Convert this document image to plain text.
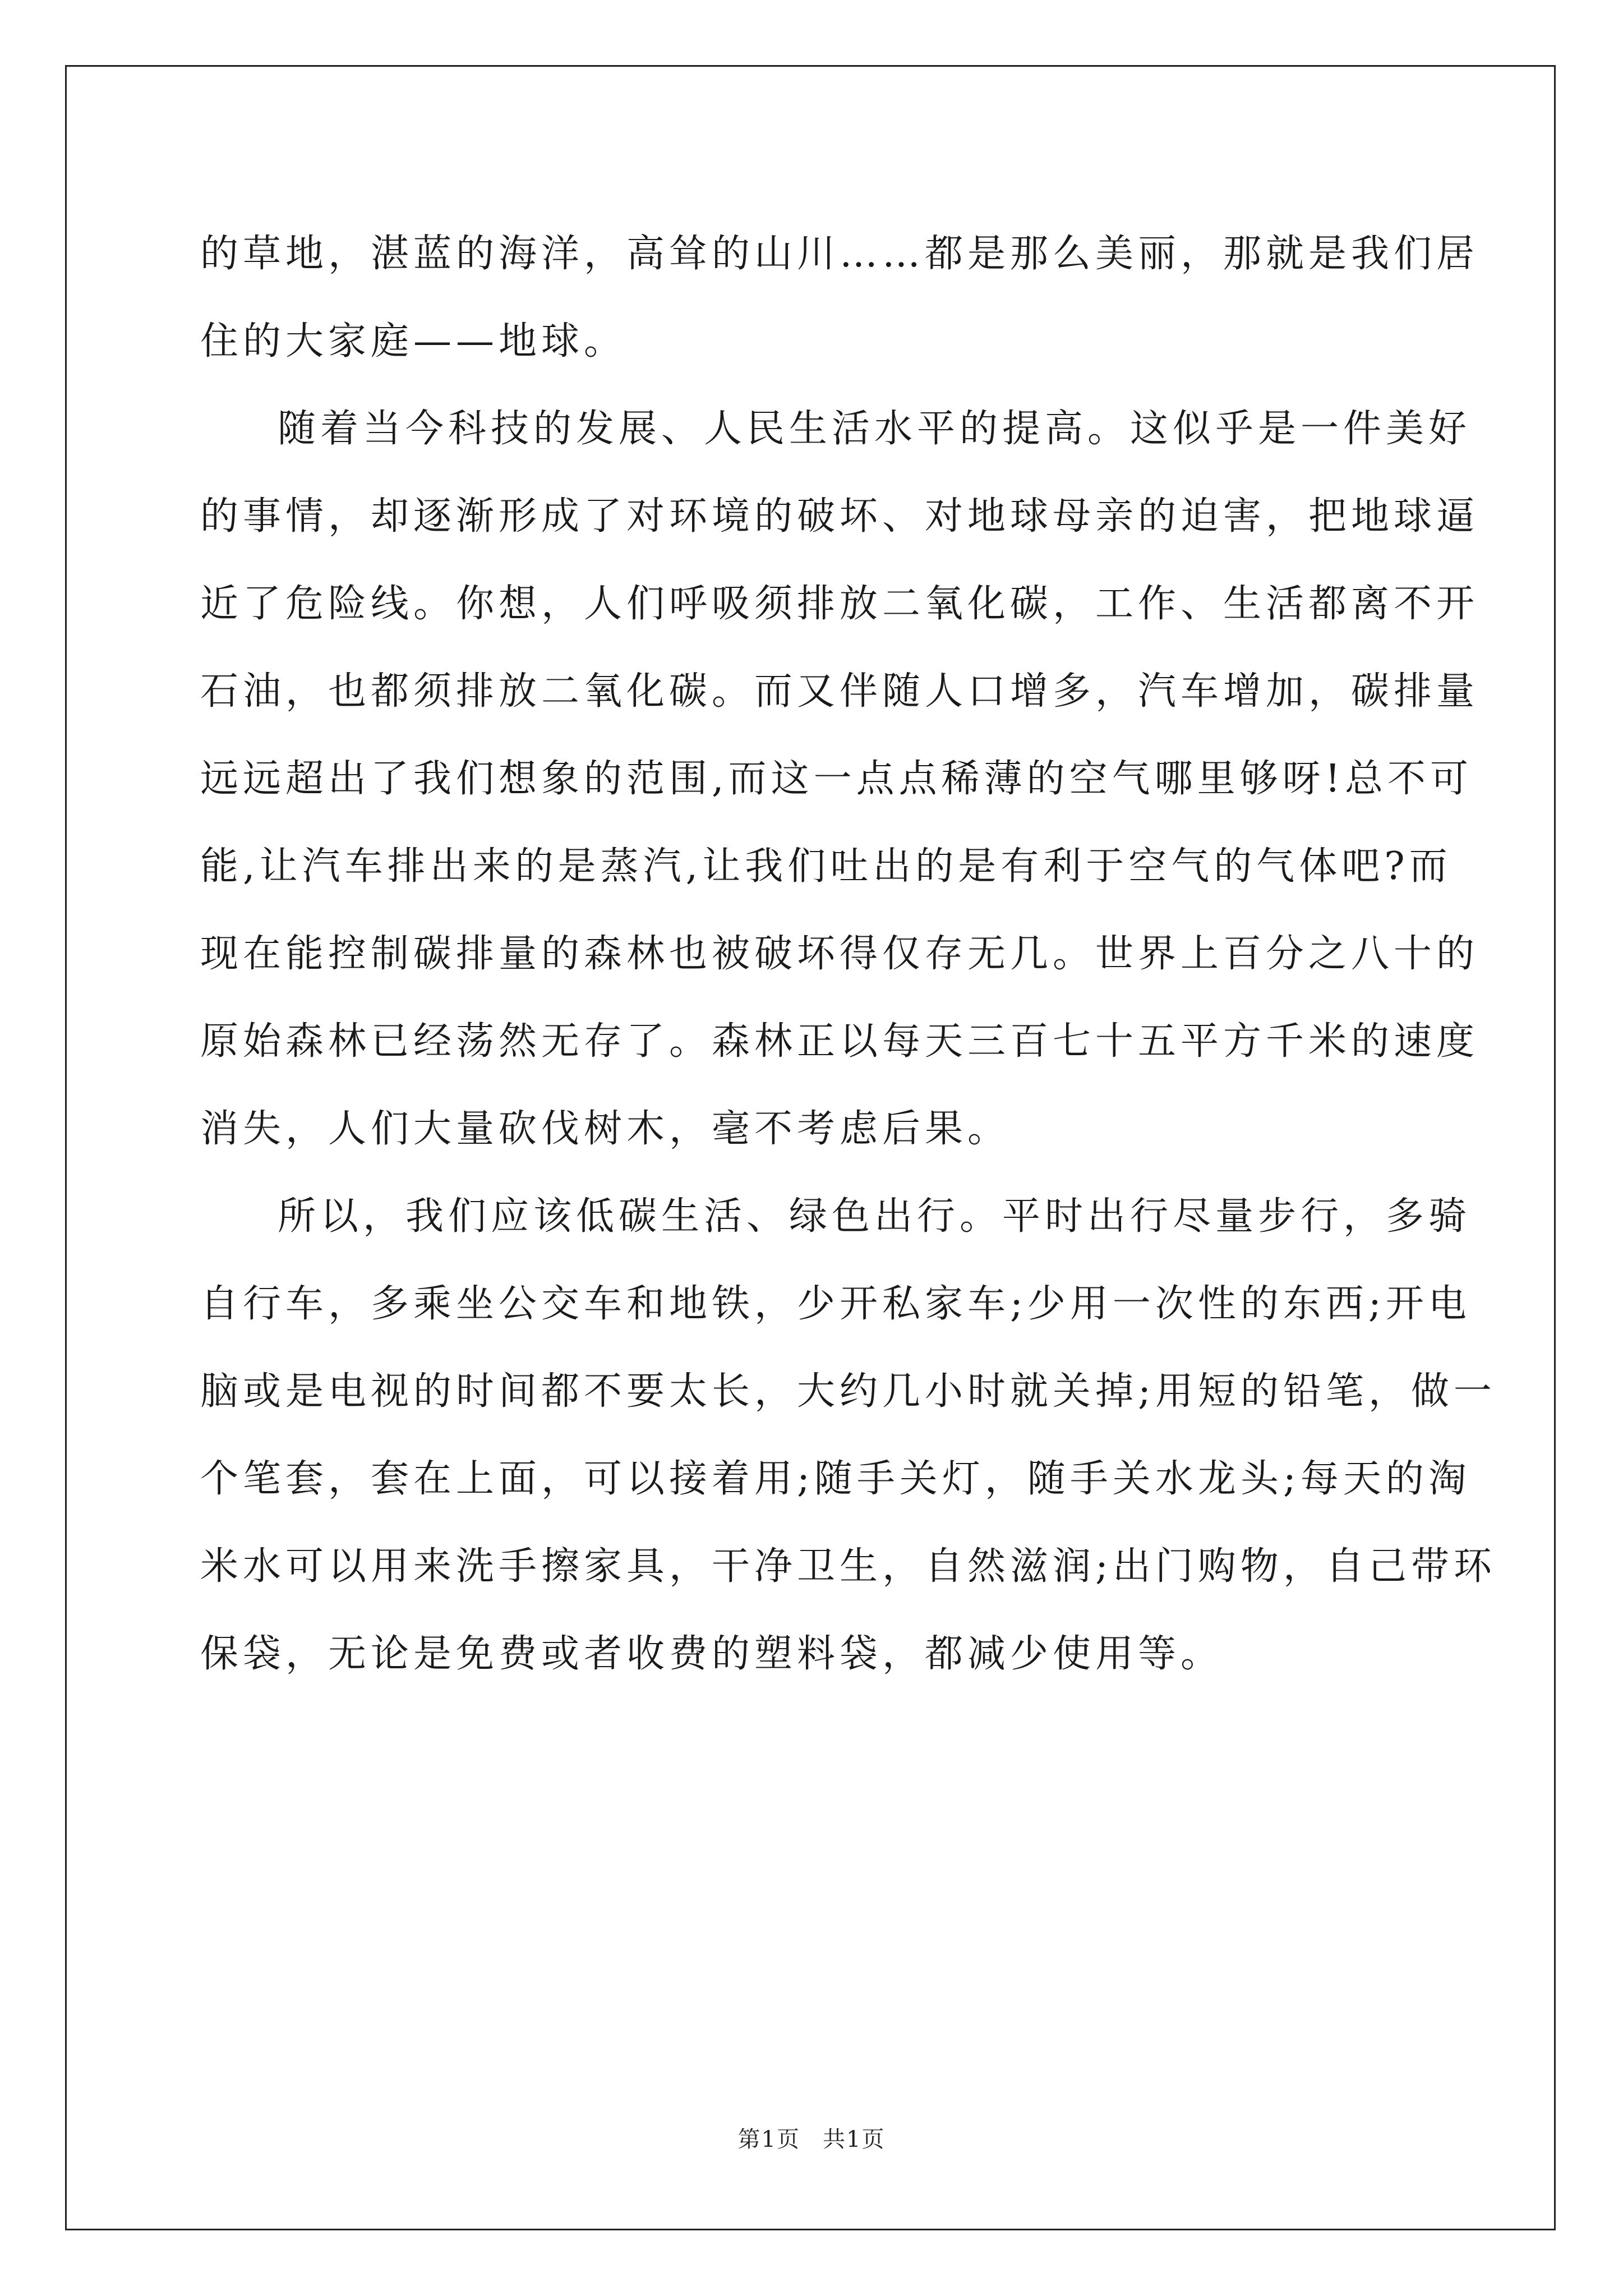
的草地，湛蓝的海洋，高耸的山川……都是那么美丽，那就是我们居
住的大家庭——地球。

随着当今科技的发展、人民生活水平的提高。这似乎是一件美好
的事情，却逐渐形成了对环境的破坏、对地球母亲的迫害，把地球逼
近了危险线。你想，人们呼吸须排放二氧化碳，工作、生活都离不开
石油，也都须排放二氧化碳。而又伴随人口增多，汽车增加，碳排量
远远超出了我们想象的范围,而这一点点稀薄的空气哪里够呀!总不可
能,让汽车排出来的是蒸汽,让我们吐出的是有利于空气的气体吧?而
现在能控制碳排量的森林也被破坏得仅存无几。世界上百分之八十的
原始森林已经荡然无存了。森林正以每天三百七十五平方千米的速度
消失，人们大量砍伐树木，毫不考虑后果。

所以，我们应该低碳生活、绿色出行。平时出行尽量步行，多骑
自行车，多乘坐公交车和地铁，少开私家车;少用一次性的东西;开电
脑或是电视的时间都不要太长，大约几小时就关掉;用短的铅笔，做一
个笔套，套在上面，可以接着用;随手关灯，随手关水龙头;每天的淘
米水可以用来洗手擦家具，干净卫生，自然滋润;出门购物，自己带环
保袋，无论是免费或者收费的塑料袋，都减少使用等。

第1页 共1页
